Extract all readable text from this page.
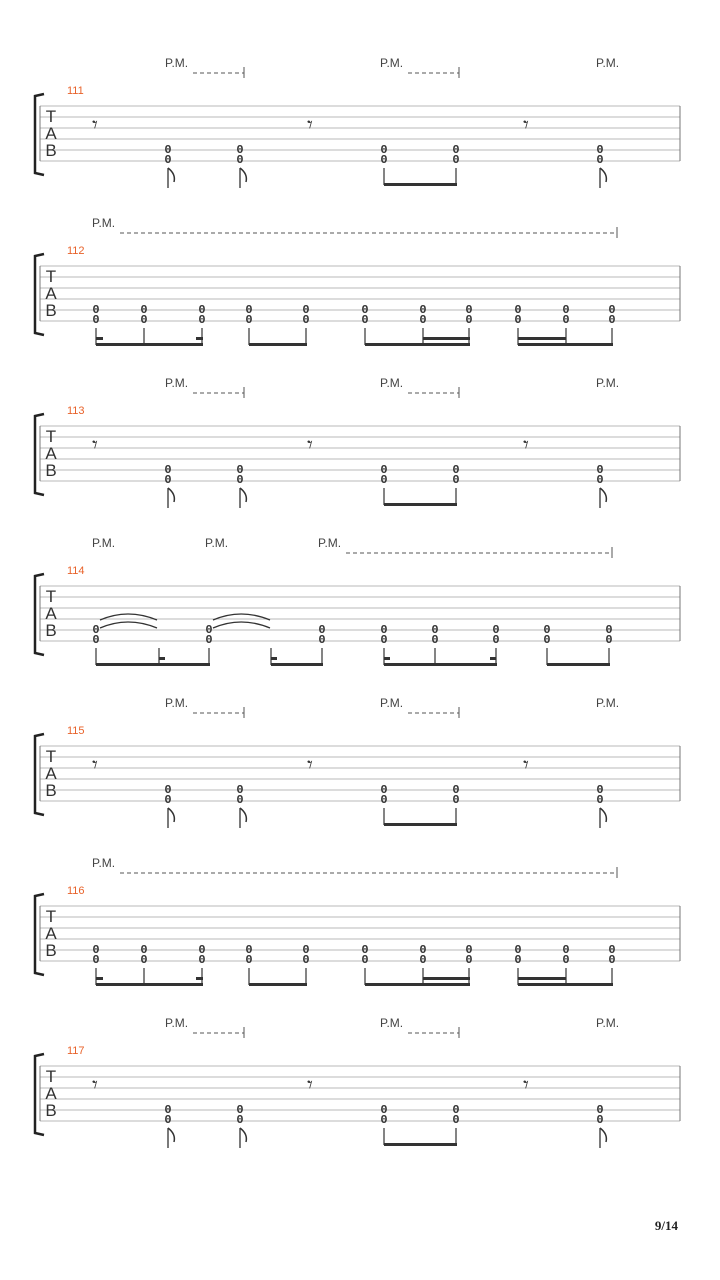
111
T
A
B
P.M.	P.M.	P.M.
𝄾	𝄾	𝄾
0
0
0
0
0
0
0
0
0
0
112
T
A
B
P.M.
0
0
0
0
0
0
0
0
0
0
0
0
0
0
0
0
0
0
0
0
0
0
113
T
A
B
P.M.	P.M.	P.M.
𝄾	𝄾	𝄾
0
0
0
0
0
0
0
0
0
0
114
T
A
B
P.M.	P.M.	P.M.
0
0
0
0
0
0
0
0
0
0
0
0
0
0
0
0
115
T
A
B
P.M.	P.M.	P.M.
𝄾	𝄾	𝄾
0
0
0
0
0
0
0
0
0
0
116
T
A
B
P.M.
0
0
0
0
0
0
0
0
0
0
0
0
0
0
0
0
0
0
0
0
0
0
117
T
A
B
P.M.	P.M.	P.M.
𝄾	𝄾	𝄾
0
0
0
0
0
0
0
0
0
0
9/14
